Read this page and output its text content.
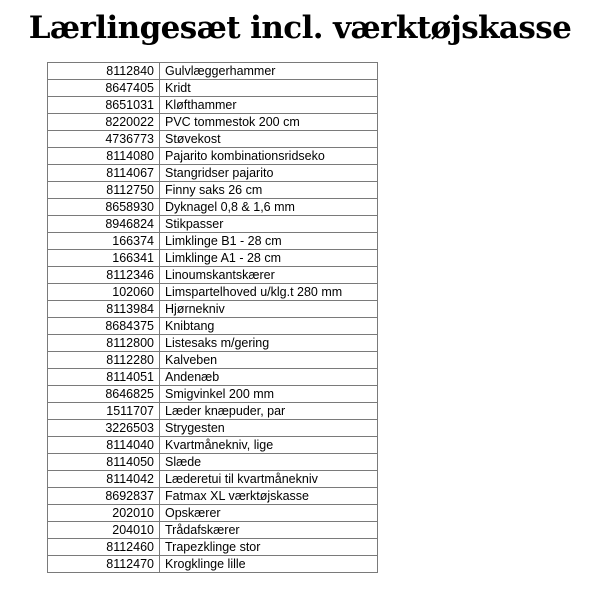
Lærlingesæt incl. værktøjskasse
8112840	Gulvlæggerhammer
8647405	Kridt
8651031	Kløfthammer
8220022	PVC tommestok 200 cm
4736773	Støvekost
8114080	Pajarito kombinationsridseko
8114067	Stangridser pajarito
8112750	Finny saks 26 cm
8658930	Dyknagel 0,8 & 1,6 mm
8946824	Stikpasser
166374	Limklinge B1 - 28 cm
166341	Limklinge A1 - 28 cm
8112346	Linoumskantskærer
102060	Limspartelhoved u/klg.t 280 mm
8113984	Hjørnekniv
8684375	Knibtang
8112800	Listesaks m/gering
8112280	Kalveben
8114051	Andenæb
8646825	Smigvinkel 200 mm
1511707	Læder knæpuder, par
3226503	Strygesten
8114040	Kvartmånekniv, lige
8114050	Slæde
8114042	Læderetui til kvartmånekniv
8692837	Fatmax XL værktøjskasse
202010	Opskærer
204010	Trådafskærer
8112460	Trapezklinge stor
8112470	Krogklinge lille
